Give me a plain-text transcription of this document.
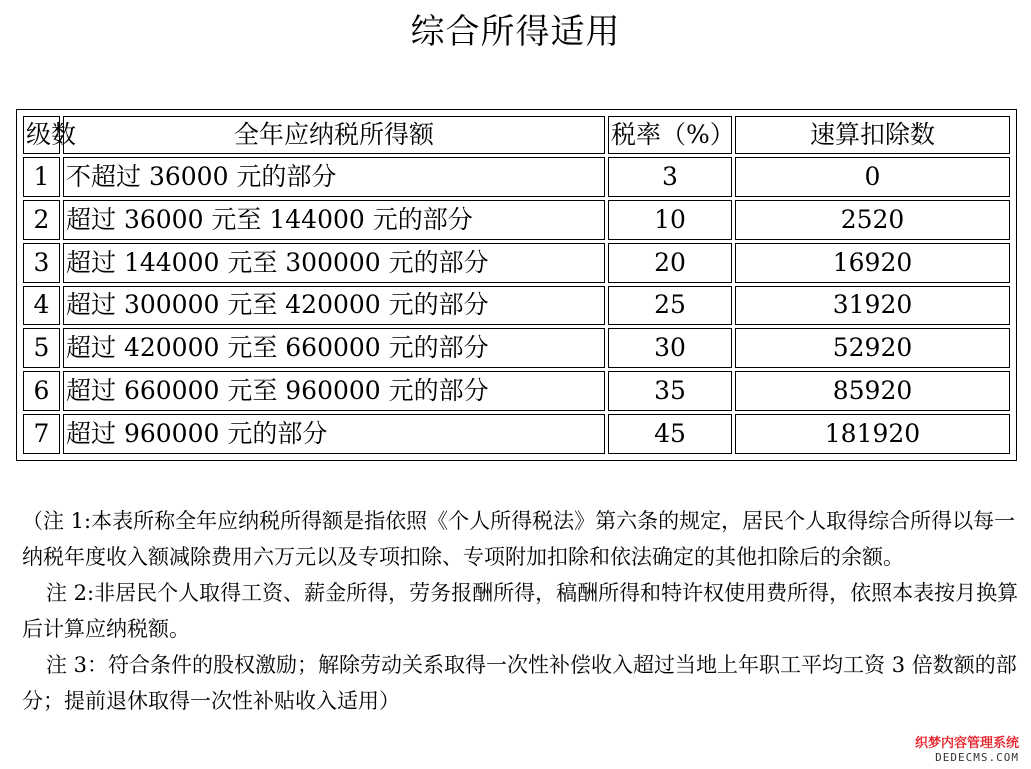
综合所得适用
级数	全年应纳税所得额	税率（%）	速算扣除数
1	不超过 36000 元的部分	3	0
2	超过 36000 元至 144000 元的部分	10	2520
3	超过 144000 元至 300000 元的部分	20	16920
4	超过 300000 元至 420000 元的部分	25	31920
5	超过 420000 元至 660000 元的部分	30	52920
6	超过 660000 元至 960000 元的部分	35	85920
7	超过 960000 元的部分	45	181920

（注 1:本表所称全年应纳税所得额是指依照《个人所得税法》第六条的规定，居民个人取得综合所得以每一纳税年度收入额减除费用六万元以及专项扣除、专项附加扣除和依法确定的其他扣除后的余额。

注 2:非居民个人取得工资、薪金所得，劳务报酬所得，稿酬所得和特许权使用费所得，依照本表按月换算后计算应纳税额。

注 3：符合条件的股权激励；解除劳动关系取得一次性补偿收入超过当地上年职工平均工资 3 倍数额的部分；提前退休取得一次性补贴收入适用）

织梦内容管理系统
DEDECMS.COM
